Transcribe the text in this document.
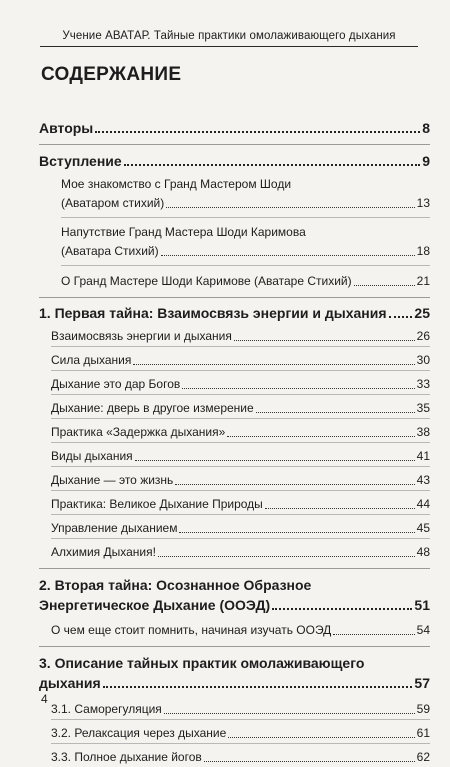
Учение АВАТАР. Тайные практики омолаживающего дыхания
СОДЕРЖАНИЕ
Авторы	8
Вступление	9
Мое знакомство с Гранд Мастером Шоди
(Аватаром стихий)	13
Напутствие Гранд Мастера Шоди Каримова
(Аватара Стихий)	18
О Гранд Мастере Шоди Каримове (Аватаре Стихий)	21
1. Первая тайна: Взаимосвязь энергии и дыхания 25
Взаимосвязь энергии и дыхания	26
Сила дыхания	30
Дыхание это дар Богов	33
Дыхание: дверь в другое измерение	35
Практика «Задержка дыхания»	38
Виды дыхания	41
Дыхание — это жизнь	43
Практика: Великое Дыхание Природы	44
Управление дыханием	45
Алхимия Дыхания!	48
2. Вторая тайна: Осознанное Образное
Энергетическое Дыхание (ООЭД)	51
О чем еще стоит помнить, начиная изучать ООЭД	54
3. Описание тайных практик омолаживающего
дыхания	57
3.1. Саморегуляция	59
3.2. Релаксация через дыхание	61
3.3. Полное дыхание йогов	62
4
